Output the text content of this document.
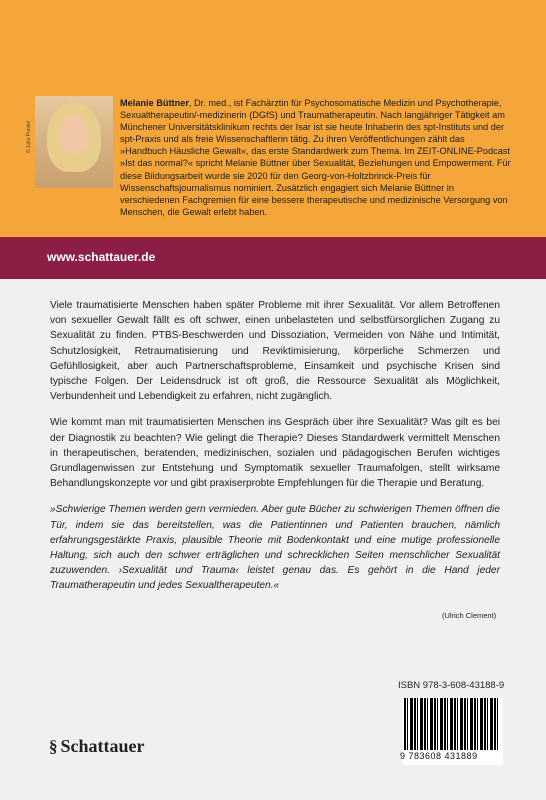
© Julia Prestel
Melanie Büttner, Dr. med., ist Fachärztin für Psychosomatische Medizin und Psychotherapie, Sexualtherapeutin/-medizinerin (DGfS) und Traumatherapeutin. Nach langjähriger Tätigkeit am Münchener Universitätsklinikum rechts der Isar ist sie heute Inhaberin des spt-Instituts und der spt-Praxis und als freie Wissenschaftlerin tätig. Zu ihren Veröffentlichungen zählt das »Handbuch Häusliche Gewalt«, das erste Standardwerk zum Thema. Im ZEIT-ONLINE-Podcast »Ist das normal?« spricht Melanie Büttner über Sexualität, Beziehungen und Empowerment. Für diese Bildungsarbeit wurde sie 2020 für den Georg-von-Holtzbrinck-Preis für Wissenschaftsjournalismus nominiert. Zusätzlich engagiert sich Melanie Büttner in verschiedenen Fachgremien für eine bessere therapeutische und medizinische Versorgung von Menschen, die Gewalt erlebt haben.
www.schattauer.de

Viele traumatisierte Menschen haben später Probleme mit ihrer Sexualität. Vor allem Betroffenen von sexueller Gewalt fällt es oft schwer, einen unbelasteten und selbstfürsorglichen Zugang zu Sexualität zu finden. PTBS-Beschwerden und Dissoziation, Vermeiden von Nähe und Intimität, Schutzlosigkeit, Retraumatisierung und Reviktimisierung, körperliche Schmerzen und Gefühllosigkeit, aber auch Partnerschaftsprobleme, Einsamkeit und psychische Krisen sind typische Folgen. Der Leidensdruck ist oft groß, die Ressource Sexualität als Möglichkeit, Verbundenheit und Lebendigkeit zu erfahren, nicht zugänglich.

Wie kommt man mit traumatisierten Menschen ins Gespräch über ihre Sexualität? Was gilt es bei der Diagnostik zu beachten? Wie gelingt die Therapie? Dieses Standardwerk vermittelt Menschen in therapeutischen, beratenden, medizinischen, sozialen und pädagogischen Berufen wichtiges Grundlagenwissen zur Entstehung und Symptomatik sexueller Traumafolgen, stellt wirksame Behandlungskonzepte vor und gibt praxiserprobte Empfehlungen für die Therapie und Beratung.

»Schwierige Themen werden gern vermieden. Aber gute Bücher zu schwierigen Themen öffnen die Tür, indem sie das bereitstellen, was die Patientinnen und Patienten brauchen, nämlich erfahrungsgestärkte Praxis, plausible Theorie mit Bodenkontakt und eine mutige professionelle Haltung, sich auch den schwer erträglichen und schrecklichen Seiten menschlicher Sexualität zuzuwenden. ›Sexualität und Trauma‹ leistet genau das. Es gehört in die Hand jeder Traumatherapeutin und jedes Sexualtherapeuten.«

(Ulrich Clement)
§ Schattauer
ISBN 978-3-608-43188-9
9 783608 431889
